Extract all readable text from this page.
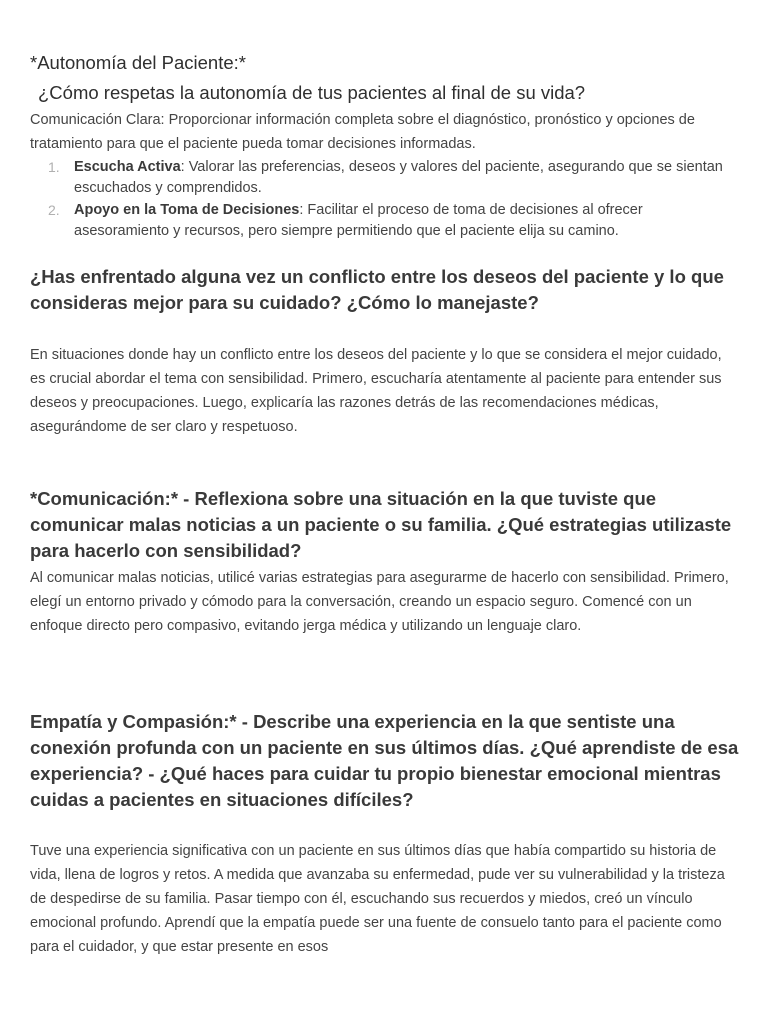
*Autonomía del Paciente:*
¿Cómo respetas la autonomía de tus pacientes al final de su vida?

Comunicación Clara: Proporcionar información completa sobre el diagnóstico, pronóstico y opciones de tratamiento para que el paciente pueda tomar decisiones informadas.

1. Escucha Activa: Valorar las preferencias, deseos y valores del paciente, asegurando que se sientan escuchados y comprendidos.
2. Apoyo en la Toma de Decisiones: Facilitar el proceso de toma de decisiones al ofrecer asesoramiento y recursos, pero siempre permitiendo que el paciente elija su camino.
¿Has enfrentado alguna vez un conflicto entre los deseos del paciente y lo que consideras mejor para su cuidado? ¿Cómo lo manejaste?

En situaciones donde hay un conflicto entre los deseos del paciente y lo que se considera el mejor cuidado, es crucial abordar el tema con sensibilidad. Primero, escucharía atentamente al paciente para entender sus deseos y preocupaciones. Luego, explicaría las razones detrás de las recomendaciones médicas, asegurándome de ser claro y respetuoso.

*Comunicación:* - Reflexiona sobre una situación en la que tuviste que comunicar malas noticias a un paciente o su familia. ¿Qué estrategias utilizaste para hacerlo con sensibilidad?

Al comunicar malas noticias, utilicé varias estrategias para asegurarme de hacerlo con sensibilidad. Primero, elegí un entorno privado y cómodo para la conversación, creando un espacio seguro. Comencé con un enfoque directo pero compasivo, evitando jerga médica y utilizando un lenguaje claro.

Empatía y Compasión:* - Describe una experiencia en la que sentiste una conexión profunda con un paciente en sus últimos días. ¿Qué aprendiste de esa experiencia? - ¿Qué haces para cuidar tu propio bienestar emocional mientras cuidas a pacientes en situaciones difíciles?

Tuve una experiencia significativa con un paciente en sus últimos días que había compartido su historia de vida, llena de logros y retos. A medida que avanzaba su enfermedad, pude ver su vulnerabilidad y la tristeza de despedirse de su familia. Pasar tiempo con él, escuchando sus recuerdos y miedos, creó un vínculo emocional profundo. Aprendí que la empatía puede ser una fuente de consuelo tanto para el paciente como para el cuidador, y que estar presente en esos
